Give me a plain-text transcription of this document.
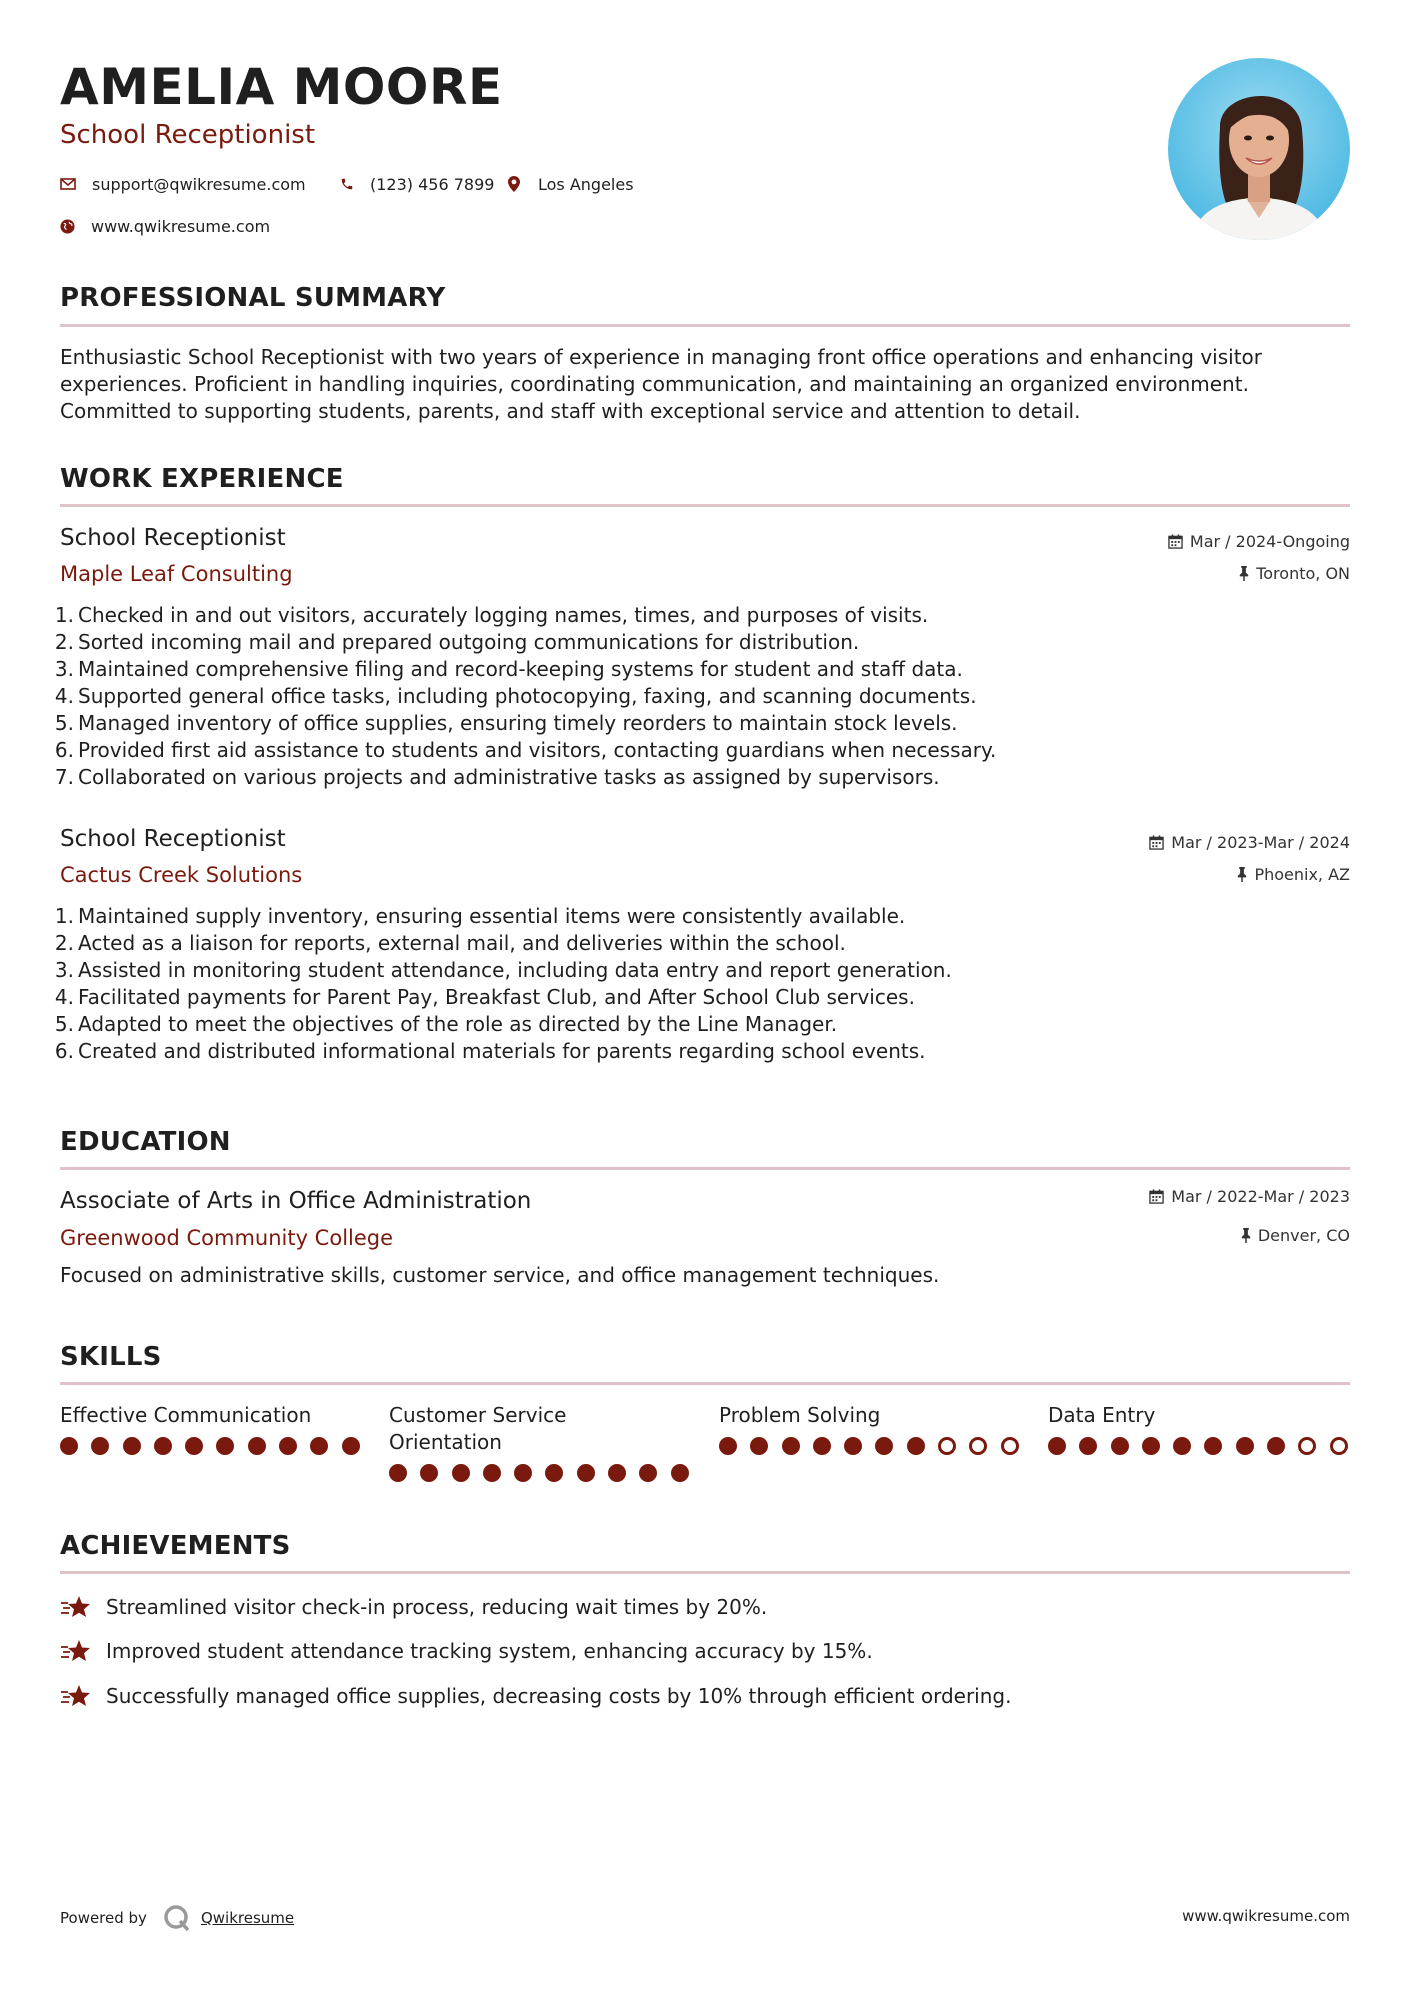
AMELIA MOORE
School Receptionist
support@qwikresume.com	(123) 456 7899	Los Angeles
www.qwikresume.com
PROFESSIONAL SUMMARY
Enthusiastic School Receptionist with two years of experience in managing front office operations and enhancing visitor
experiences. Proficient in handling inquiries, coordinating communication, and maintaining an organized environment.
Committed to supporting students, parents, and staff with exceptional service and attention to detail.
WORK EXPERIENCE
School Receptionist
Maple Leaf Consulting
Mar / 2024-Ongoing
Toronto, ON
1. Checked in and out visitors, accurately logging names, times, and purposes of visits.
2. Sorted incoming mail and prepared outgoing communications for distribution.
3. Maintained comprehensive filing and record-keeping systems for student and staff data.
4. Supported general office tasks, including photocopying, faxing, and scanning documents.
5. Managed inventory of office supplies, ensuring timely reorders to maintain stock levels.
6. Provided first aid assistance to students and visitors, contacting guardians when necessary.
7. Collaborated on various projects and administrative tasks as assigned by supervisors.
School Receptionist
Cactus Creek Solutions
Mar / 2023-Mar / 2024
Phoenix, AZ
1. Maintained supply inventory, ensuring essential items were consistently available.
2. Acted as a liaison for reports, external mail, and deliveries within the school.
3. Assisted in monitoring student attendance, including data entry and report generation.
4. Facilitated payments for Parent Pay, Breakfast Club, and After School Club services.
5. Adapted to meet the objectives of the role as directed by the Line Manager.
6. Created and distributed informational materials for parents regarding school events.
EDUCATION
Associate of Arts in Office Administration
Greenwood Community College
Mar / 2022-Mar / 2023
Denver, CO
Focused on administrative skills, customer service, and office management techniques.
SKILLS
Effective Communication	Customer Service
Orientation
Problem Solving	Data Entry
ACHIEVEMENTS
Streamlined visitor check-in process, reducing wait times by 20%.
Improved student attendance tracking system, enhancing accuracy by 15%.
Successfully managed office supplies, decreasing costs by 10% through efficient ordering.
Powered by	Qwikresume	www.qwikresume.com
